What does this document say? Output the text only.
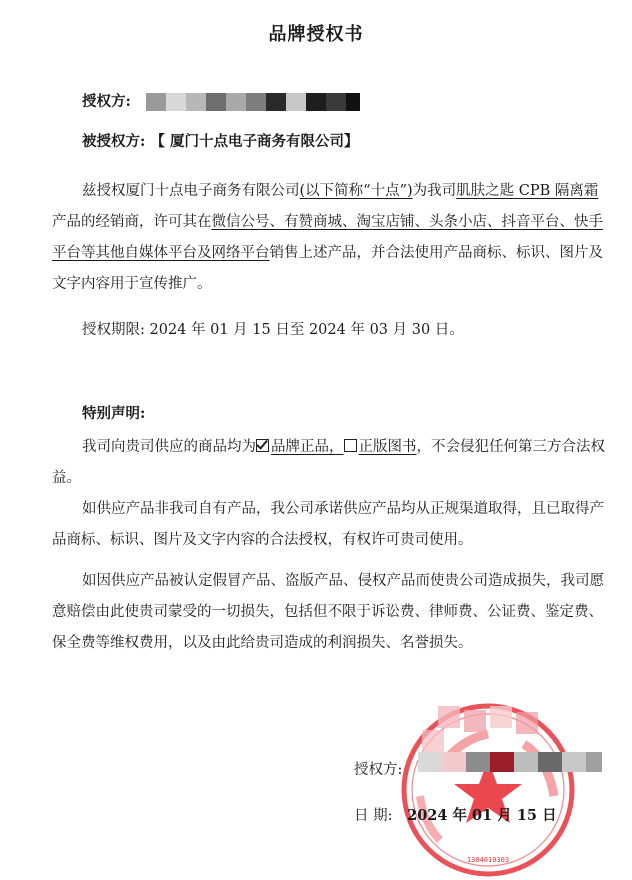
品牌授权书
授权方:
被授权方: 【 厦门十点电子商务有限公司】
兹授权厦门十点电子商务有限公司(以下简称“十点”)为我司肌肤之匙 CPB 隔离霜产品的经销商，许可其在微信公号、有赞商城、淘宝店铺、头条小店、抖音平台、快手平台等其他自媒体平台及网络平台销售上述产品，并合法使用产品商标、标识、图片及文字内容用于宣传推广。
授权期限: 2024 年 01 月 15 日至 2024 年 03 月 30 日。
特别声明:
我司向贵司供应的商品均为 品牌正品， 正版图书，不会侵犯任何第三方合法权益。
如供应产品非我司自有产品，我公司承诺供应产品均从正规渠道取得，且已取得产品商标、标识、图片及文字内容的合法授权，有权许可贵司使用。
如因供应产品被认定假冒产品、盗版产品、侵权产品而使贵公司造成损失，我司愿意赔偿由此使贵司蒙受的一切损失，包括但不限于诉讼费、律师费、公证费、鉴定费、保全费等维权费用，以及由此给贵司造成的利润损失、名誉损失。
1304010303
授权方:
日 期: 2024 年 01 月 15 日
